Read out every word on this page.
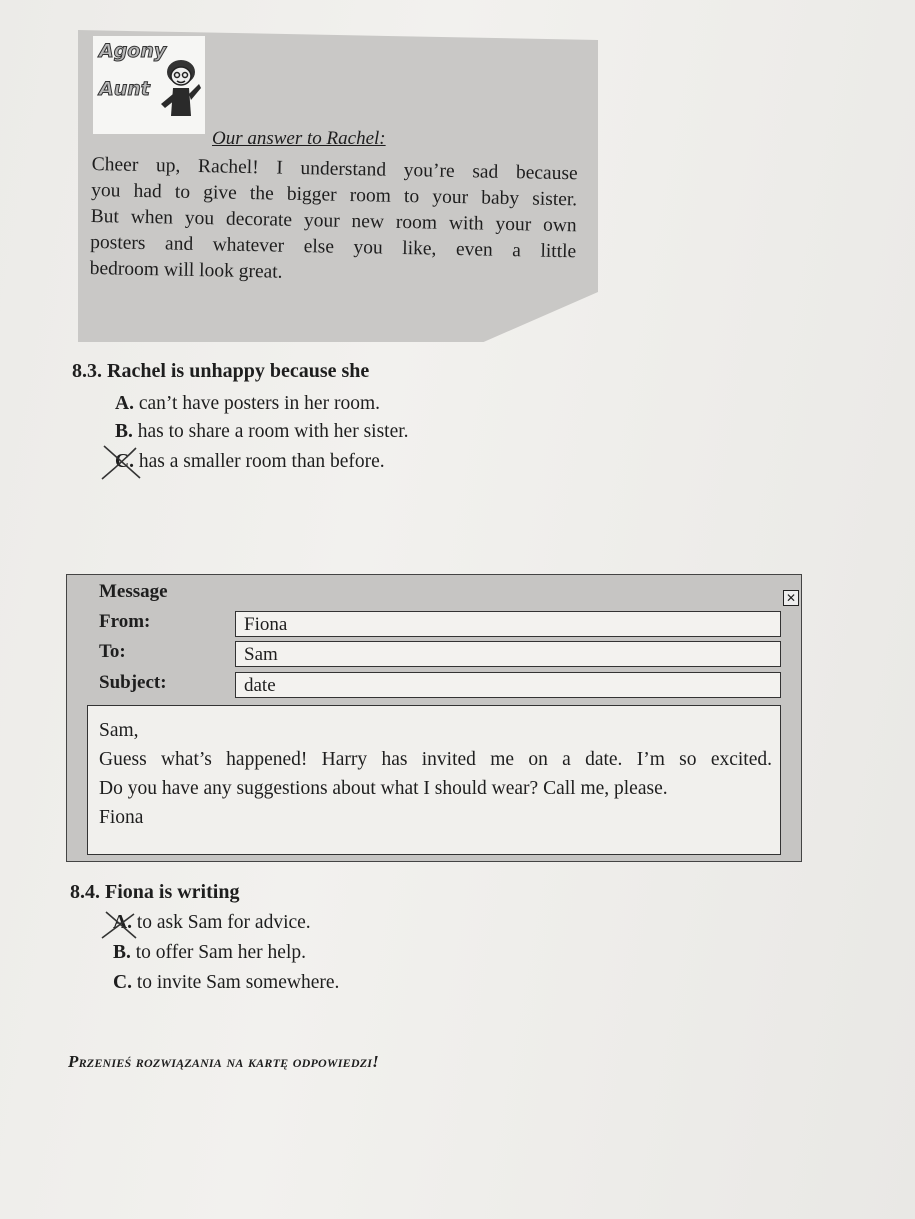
Agony
Aunt
Our answer to Rachel:
Cheer up, Rachel! I understand you’re sad because
you had to give the bigger room to your baby sister.
But when you decorate your new room with your own
posters and whatever else you like, even a little
bedroom will look great.
8.3. Rachel is unhappy because she
A. can’t have posters in her room.
B. has to share a room with her sister.
C. has a smaller room than before.
Message	✕
From:	Fiona
To:	Sam
Subject:	date
Sam,
Guess what’s happened! Harry has invited me on a date. I’m so excited.
Do you have any suggestions about what I should wear? Call me, please.
Fiona
8.4. Fiona is writing
A. to ask Sam for advice.
B. to offer Sam her help.
C. to invite Sam somewhere.
Przenieś rozwiązania na kartę odpowiedzi!
